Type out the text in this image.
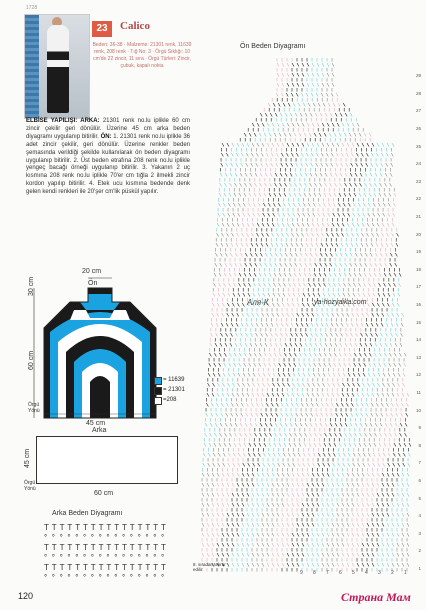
1728
23	Calico
Beden: 36-38 · Malzeme: 21301 renk, 11639 renk, 208 renk · Tığ No: 3 · Örgü Sıklığı: 10 cm'de 22 zincir, 11 sıra · Örgü Türleri: Zincir, çubuk, kapalı nokta
ELBİSE YAPILIŞI: ARKA: 21301 renk no.lu iplikle 60 cm zincir çekilir geri dönülür. Üzerine 45 cm arka beden diyagramı uygulanıp bitirilir. ÖN: 1. 21301 renk no.lu iplikle 36 adet zincir çekilir, geri dönülür. Üzerine renkler beden şemasında verildiği şekilde kullanılarak ön beden diyagramı uygulanıp bitirilir. 2. Üst beden etrafına 208 renk no.lu iplikle yengeç bacağı örneği uygulanıp bitirilir. 3. Yakanın 2 uç kısmına 208 renk no.lu iplikle 70'er cm tığla 2 ilmekli zincir kordon yapılıp bitirilir. 4. Etek ucu kısmına bedende denk gelen kendi renkleri ile 20'şer cm'lik püskül yapılır.
20 cm
Ön
30 cm
60 cm
45 cm
Örgü Yönü
= 11639
= 21301
=208
Arka
45 cm
60 cm
Örgü Yönü
Arka Beden Diyagramı
T T T T T T T T T T T T T T T T
° ° ° ° ° ° ° ° ° ° ° ° ° ° ° °
T T T T T T T T T T T T T T T T
° ° ° ° ° ° ° ° ° ° ° ° ° ° ° °
T T T T T T T T T T T T T T T T
° ° ° ° ° ° ° ° ° ° ° ° ° ° ° °
Ön Beden Diyagramı
Аля-К	ya-hozyaika.com
8. sıradan tekrar edilir	1
2
3
4
5
6
7
8
9
10
11
12
13
14
15
16
17
18
19
20
21
22
23
24
25
26
27
28
29
9 8 7 6 5 4 3 2 1
120	Страна Мам
